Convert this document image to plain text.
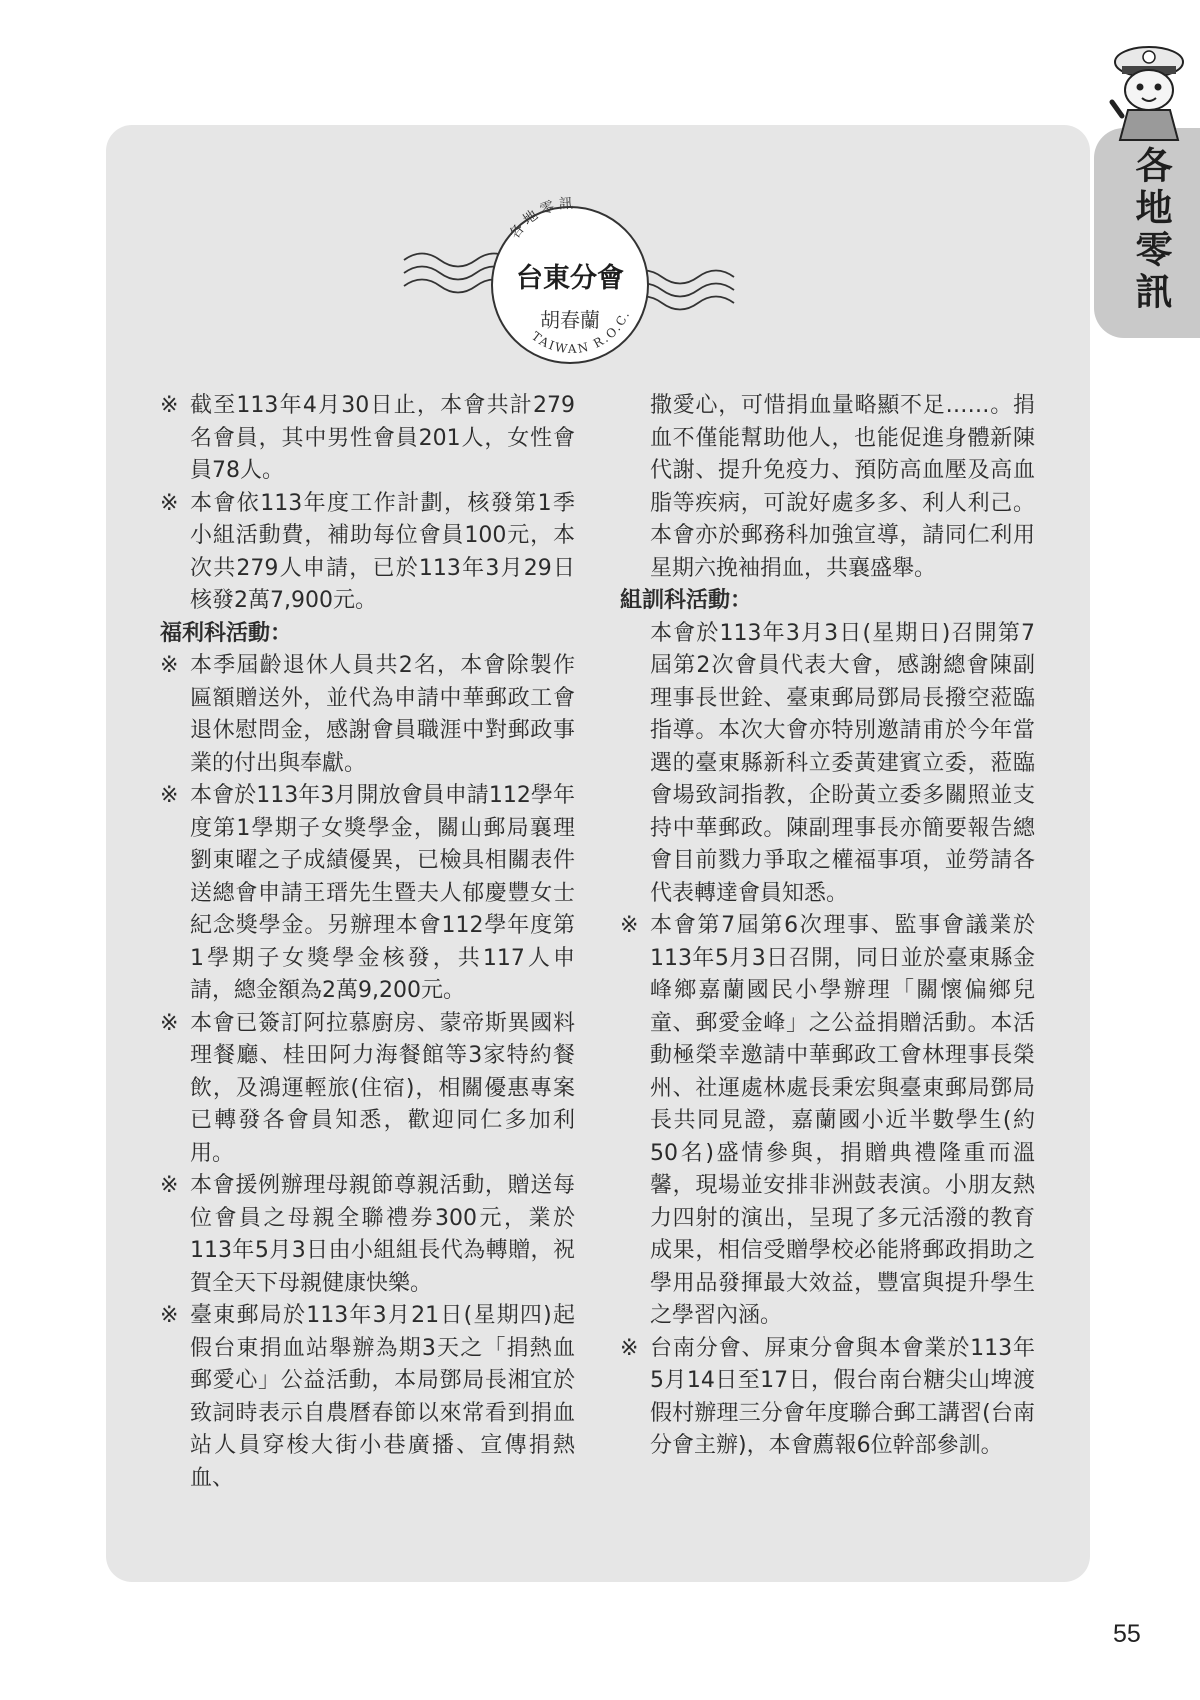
各地零訊
各地零訊
台東分會
胡春蘭
TAIWAN R.O.C.
※ 截至113年4月30日止，本會共計279名會員，其中男性會員201人，女性會員78人。
※ 本會依113年度工作計劃，核發第1季小組活動費，補助每位會員100元，本次共279人申請，已於113年3月29日核發2萬7,900元。
福利科活動：
※ 本季屆齡退休人員共2名，本會除製作匾額贈送外，並代為申請中華郵政工會退休慰問金，感謝會員職涯中對郵政事業的付出與奉獻。
※ 本會於113年3月開放會員申請112學年度第1學期子女獎學金，關山郵局襄理劉東曜之子成績優異，已檢具相關表件送總會申請王瑨先生暨夫人郁慶豐女士紀念獎學金。另辦理本會112學年度第1學期子女獎學金核發，共117人申請，總金額為2萬9,200元。
※ 本會已簽訂阿拉慕廚房、蒙帝斯異國料理餐廳、桂田阿力海餐館等3家特約餐飲，及鴻運輕旅(住宿)，相關優惠專案已轉發各會員知悉，歡迎同仁多加利用。
※ 本會援例辦理母親節尊親活動，贈送每位會員之母親全聯禮券300元，業於113年5月3日由小組組長代為轉贈，祝賀全天下母親健康快樂。
※ 臺東郵局於113年3月21日(星期四)起假台東捐血站舉辦為期3天之「捐熱血 郵愛心」公益活動，本局鄧局長湘宜於致詞時表示自農曆春節以來常看到捐血站人員穿梭大街小巷廣播、宣傳捐熱血、
撒愛心，可惜捐血量略顯不足……。捐血不僅能幫助他人，也能促進身體新陳代謝、提升免疫力、預防高血壓及高血脂等疾病，可說好處多多、利人利己。本會亦於郵務科加強宣導，請同仁利用星期六挽袖捐血，共襄盛舉。
組訓科活動：
本會於113年3月3日(星期日)召開第7屆第2次會員代表大會，感謝總會陳副理事長世銓、臺東郵局鄧局長撥空蒞臨指導。本次大會亦特別邀請甫於今年當選的臺東縣新科立委黃建賓立委，蒞臨會場致詞指教，企盼黃立委多關照並支持中華郵政。陳副理事長亦簡要報告總會目前戮力爭取之權福事項，並勞請各代表轉達會員知悉。
※ 本會第7屆第6次理事、監事會議業於113年5月3日召開，同日並於臺東縣金峰鄉嘉蘭國民小學辦理「關懷偏鄉兒童、郵愛金峰」之公益捐贈活動。本活動極榮幸邀請中華郵政工會林理事長榮州、社運處林處長秉宏與臺東郵局鄧局長共同見證，嘉蘭國小近半數學生(約50名)盛情參與，捐贈典禮隆重而溫馨，現場並安排非洲鼓表演。小朋友熱力四射的演出，呈現了多元活潑的教育成果，相信受贈學校必能將郵政捐助之學用品發揮最大效益，豐富與提升學生之學習內涵。
※ 台南分會、屏東分會與本會業於113年5月14日至17日，假台南台糖尖山埤渡假村辦理三分會年度聯合郵工講習(台南分會主辦)，本會薦報6位幹部參訓。
55
